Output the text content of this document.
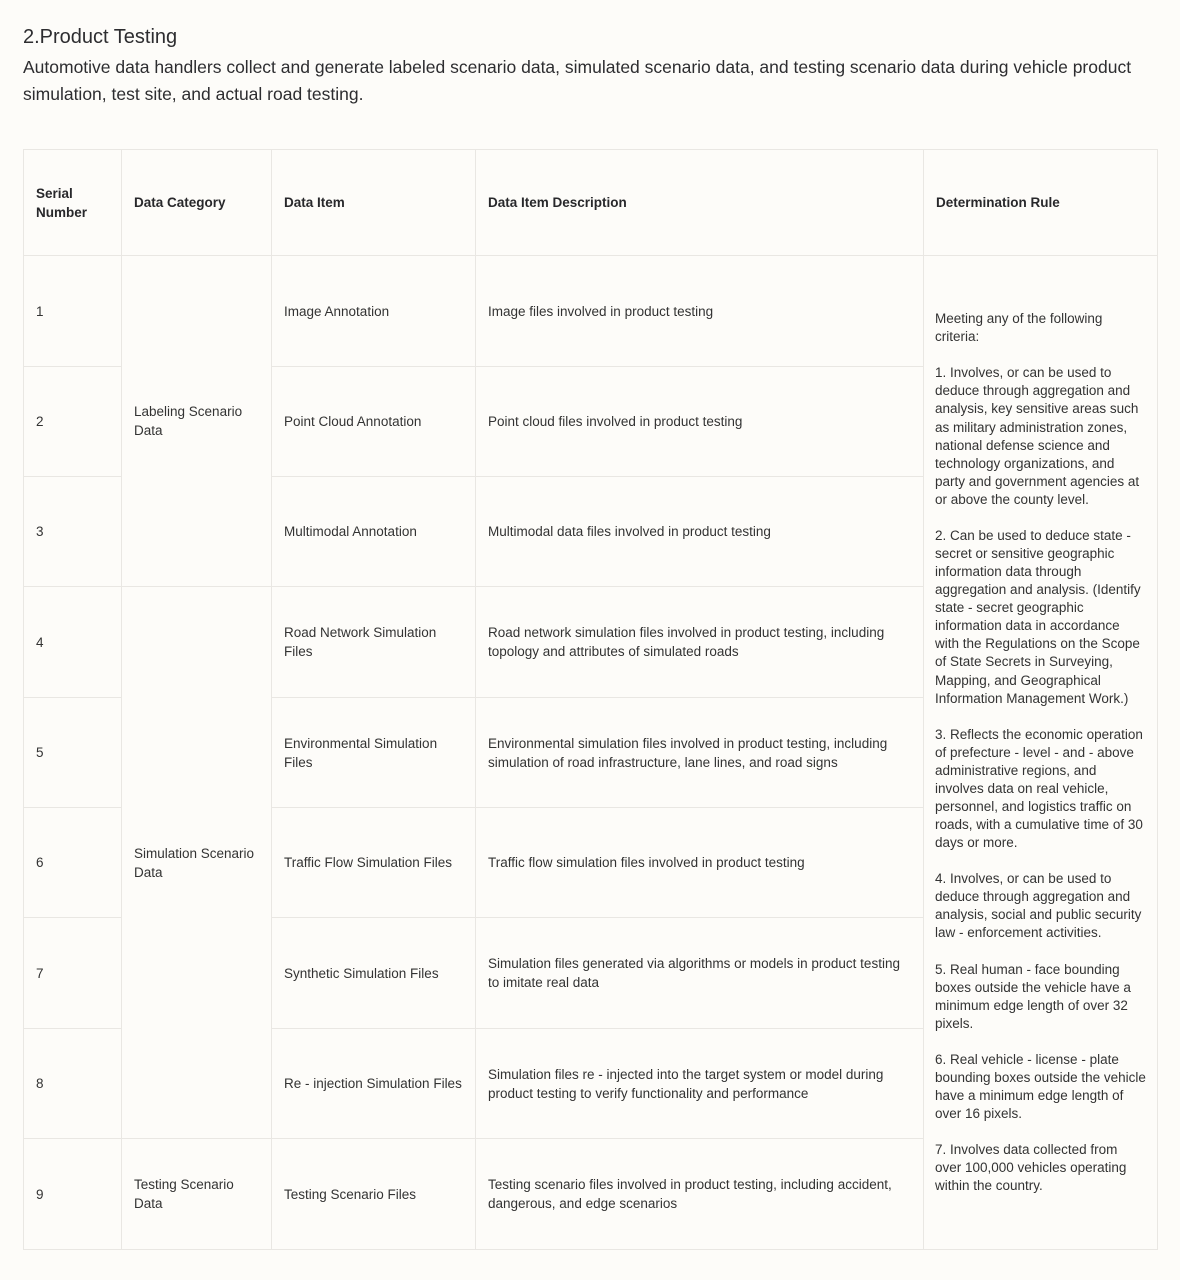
2.Product Testing

Automotive data handlers collect and generate labeled scenario data, simulated scenario data, and testing scenario data during vehicle product simulation, test site, and actual road testing.

Serial Number	Data Category	Data Item	Data Item Description	Determination Rule
1	Labeling Scenario Data	Image Annotation	Image files involved in product testing	Meeting any of the following criteria:

1. Involves, or can be used to deduce through aggregation and analysis, key sensitive areas such as military administration zones, national defense science and technology organizations, and party and government agencies at or above the county level.

2. Can be used to deduce state - secret or sensitive geographic information data through aggregation and analysis. (Identify state - secret geographic information data in accordance with the Regulations on the Scope of State Secrets in Surveying, Mapping, and Geographical Information Management Work.)

3. Reflects the economic operation of prefecture - level - and - above administrative regions, and involves data on real vehicle, personnel, and logistics traffic on roads, with a cumulative time of 30 days or more.

4. Involves, or can be used to deduce through aggregation and analysis, social and public security law - enforcement activities.

5. Real human - face bounding boxes outside the vehicle have a minimum edge length of over 32 pixels.

6. Real vehicle - license - plate bounding boxes outside the vehicle have a minimum edge length of over 16 pixels.

7. Involves data collected from over 100,000 vehicles operating within the country.

2		Point Cloud Annotation	Point cloud files involved in product testing	
3		Multimodal Annotation	Multimodal data files involved in product testing	
4	Simulation Scenario Data	Road Network Simulation Files	Road network simulation files involved in product testing, including topology and attributes of simulated roads	
5		Environmental Simulation Files	Environmental simulation files involved in product testing, including simulation of road infrastructure, lane lines, and road signs	
6		Traffic Flow Simulation Files	Traffic flow simulation files involved in product testing	
7		Synthetic Simulation Files	Simulation files generated via algorithms or models in product testing to imitate real data	
8		Re - injection Simulation Files	Simulation files re - injected into the target system or model during product testing to verify functionality and performance	
9	Testing Scenario Data	Testing Scenario Files	Testing scenario files involved in product testing, including accident, dangerous, and edge scenarios	
